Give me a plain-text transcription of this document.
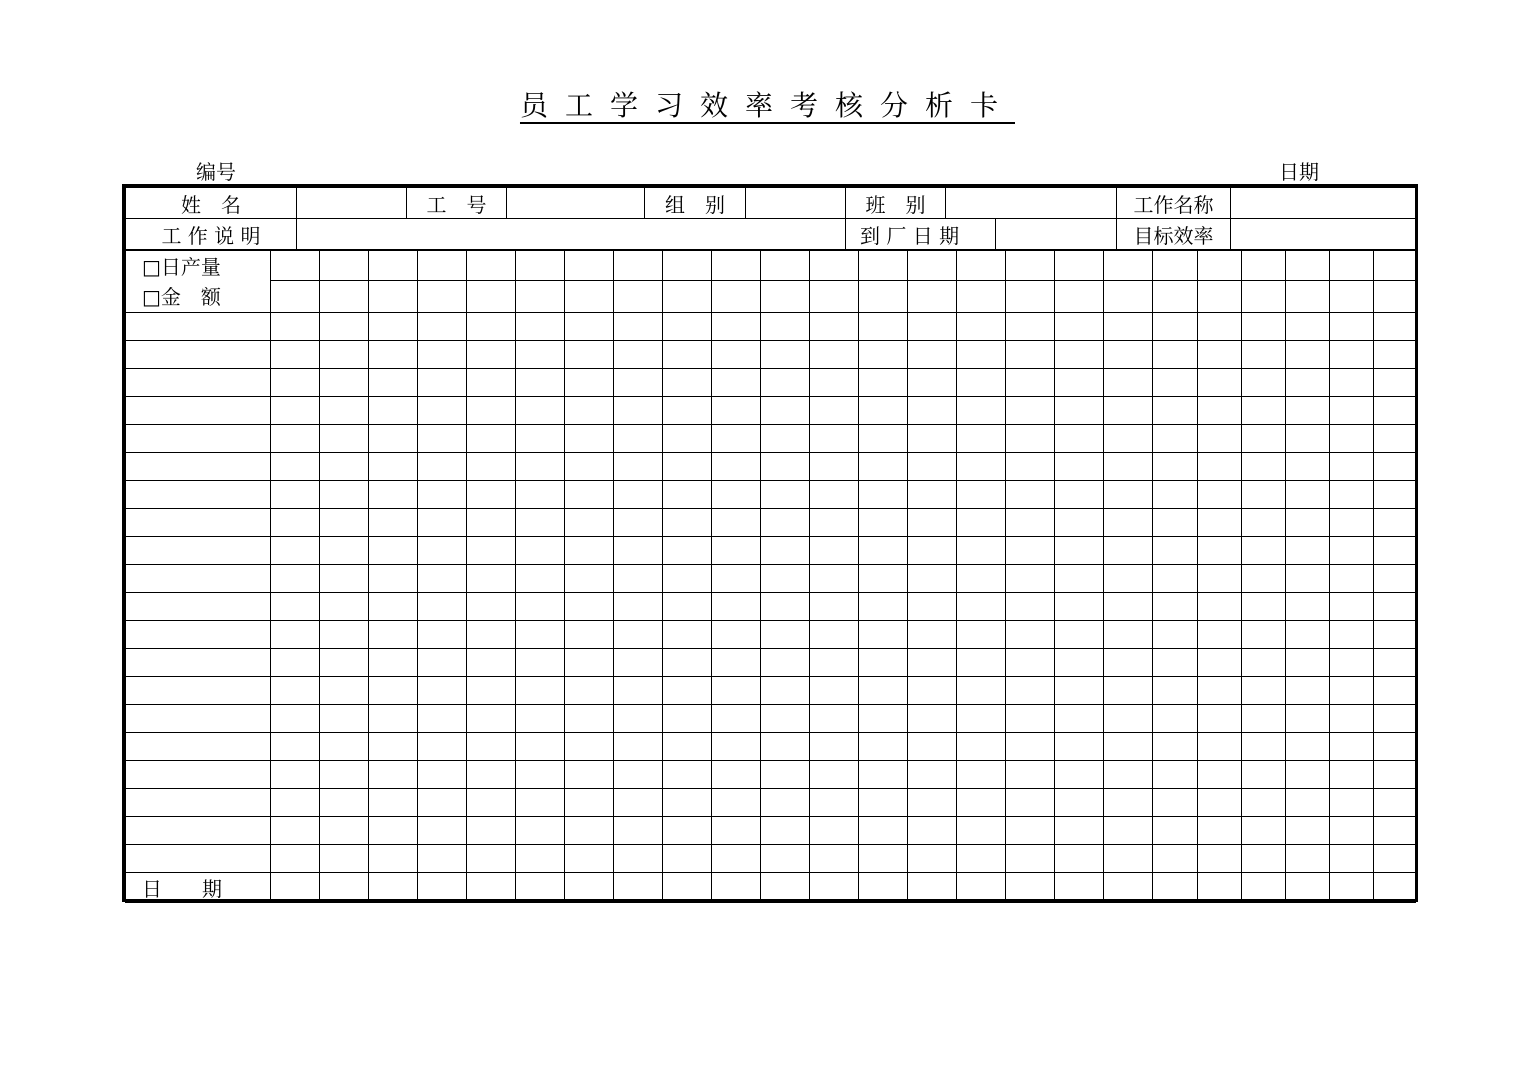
员工学习效率考核分析卡
编号	日期
姓　名		工　号		组　别		班　别			工作名称	
工 作 说 明						到 厂 日 期			目标效率	
□日产量																								
□金　额																								

日　　期																								
